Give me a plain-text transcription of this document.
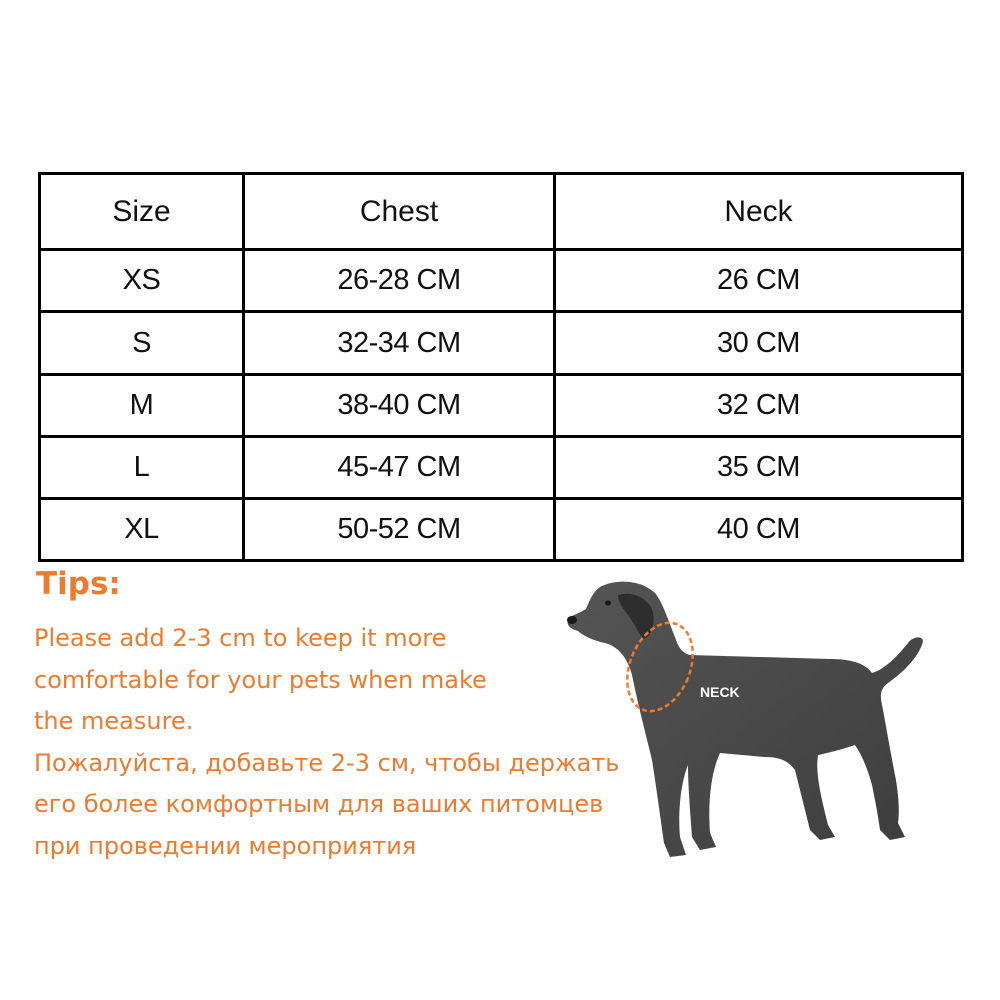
Size	Chest	Neck
XS	26-28 CM	26 CM
S	32-34 CM	30 CM
M	38-40 CM	32 CM
L	45-47 CM	35 CM
XL	50-52 CM	40 CM
Tips:

Please add 2-3 cm to keep it more
comfortable for your pets when make
the measure.
Пожалуйста, добавьте 2-3 см, чтобы держать
его более комфортным для ваших питомцев
при проведении мероприятия

NECK
